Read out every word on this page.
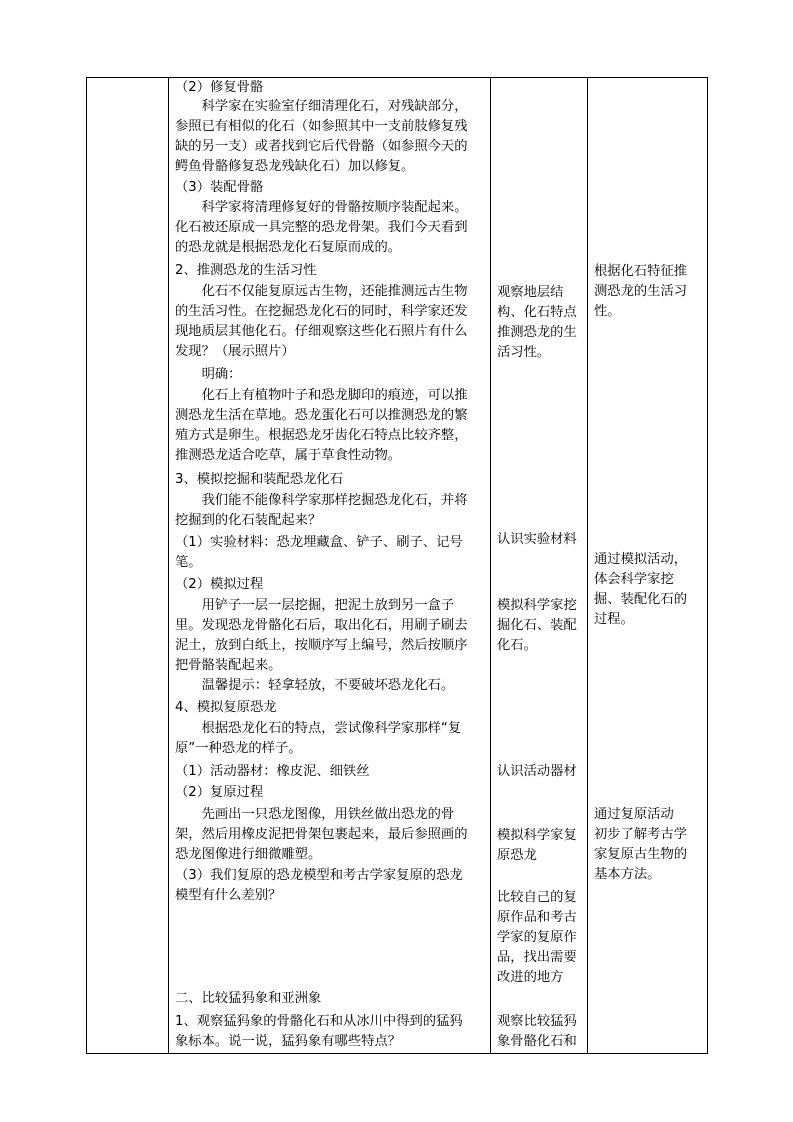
（2）修复骨骼
　　科学家在实验室仔细清理化石，对残缺部分，
参照已有相似的化石（如参照其中一支前肢修复残
缺的另一支）或者找到它后代骨骼（如参照今天的
鳄鱼骨骼修复恐龙残缺化石）加以修复。
（3）装配骨骼
　　科学家将清理修复好的骨骼按顺序装配起来。
化石被还原成一具完整的恐龙骨架。我们今天看到
的恐龙就是根据恐龙化石复原而成的。
2、推测恐龙的生活习性
　　化石不仅能复原远古生物，还能推测远古生物
的生活习性。在挖掘恐龙化石的同时，科学家还发
现地质层其他化石。仔细观察这些化石照片有什么
发现？（展示照片）
　　明确：
　　化石上有植物叶子和恐龙脚印的痕迹，可以推
测恐龙生活在草地。恐龙蛋化石可以推测恐龙的繁
殖方式是卵生。根据恐龙牙齿化石特点比较齐整，
推测恐龙适合吃草，属于草食性动物。
3、模拟挖掘和装配恐龙化石
　　我们能不能像科学家那样挖掘恐龙化石，并将
挖掘到的化石装配起来？
（1）实验材料：恐龙埋藏盒、铲子、刷子、记号
笔。
（2）模拟过程
　　用铲子一层一层挖掘，把泥土放到另一盒子
里。发现恐龙骨骼化石后，取出化石，用刷子刷去
泥土，放到白纸上，按顺序写上编号，然后按顺序
把骨骼装配起来。
　　温馨提示：轻拿轻放，不要破坏恐龙化石。
4、模拟复原恐龙
　　根据恐龙化石的特点，尝试像科学家那样“复
原”一种恐龙的样子。
（1）活动器材：橡皮泥、细铁丝
（2）复原过程
　　先画出一只恐龙图像，用铁丝做出恐龙的骨
架，然后用橡皮泥把骨架包裹起来，最后参照画的
恐龙图像进行细微雕塑。
（3）我们复原的恐龙模型和考古学家复原的恐龙
模型有什么差别？
二、比较猛犸象和亚洲象
1、观察猛犸象的骨骼化石和从冰川中得到的猛犸
象标本。说一说，猛犸象有哪些特点？
观察地层结
构、化石特点
推测恐龙的生
活习性。
认识实验材料
模拟科学家挖
掘化石、装配
化石。
认识活动器材
模拟科学家复
原恐龙
比较自己的复
原作品和考古
学家的复原作
品，找出需要
改进的地方
观察比较猛犸
象骨骼化石和
根据化石特征推
测恐龙的生活习
性。
通过模拟活动，
体会科学家挖
掘、装配化石的
过程。
通过复原活动
初步了解考古学
家复原古生物的
基本方法。
